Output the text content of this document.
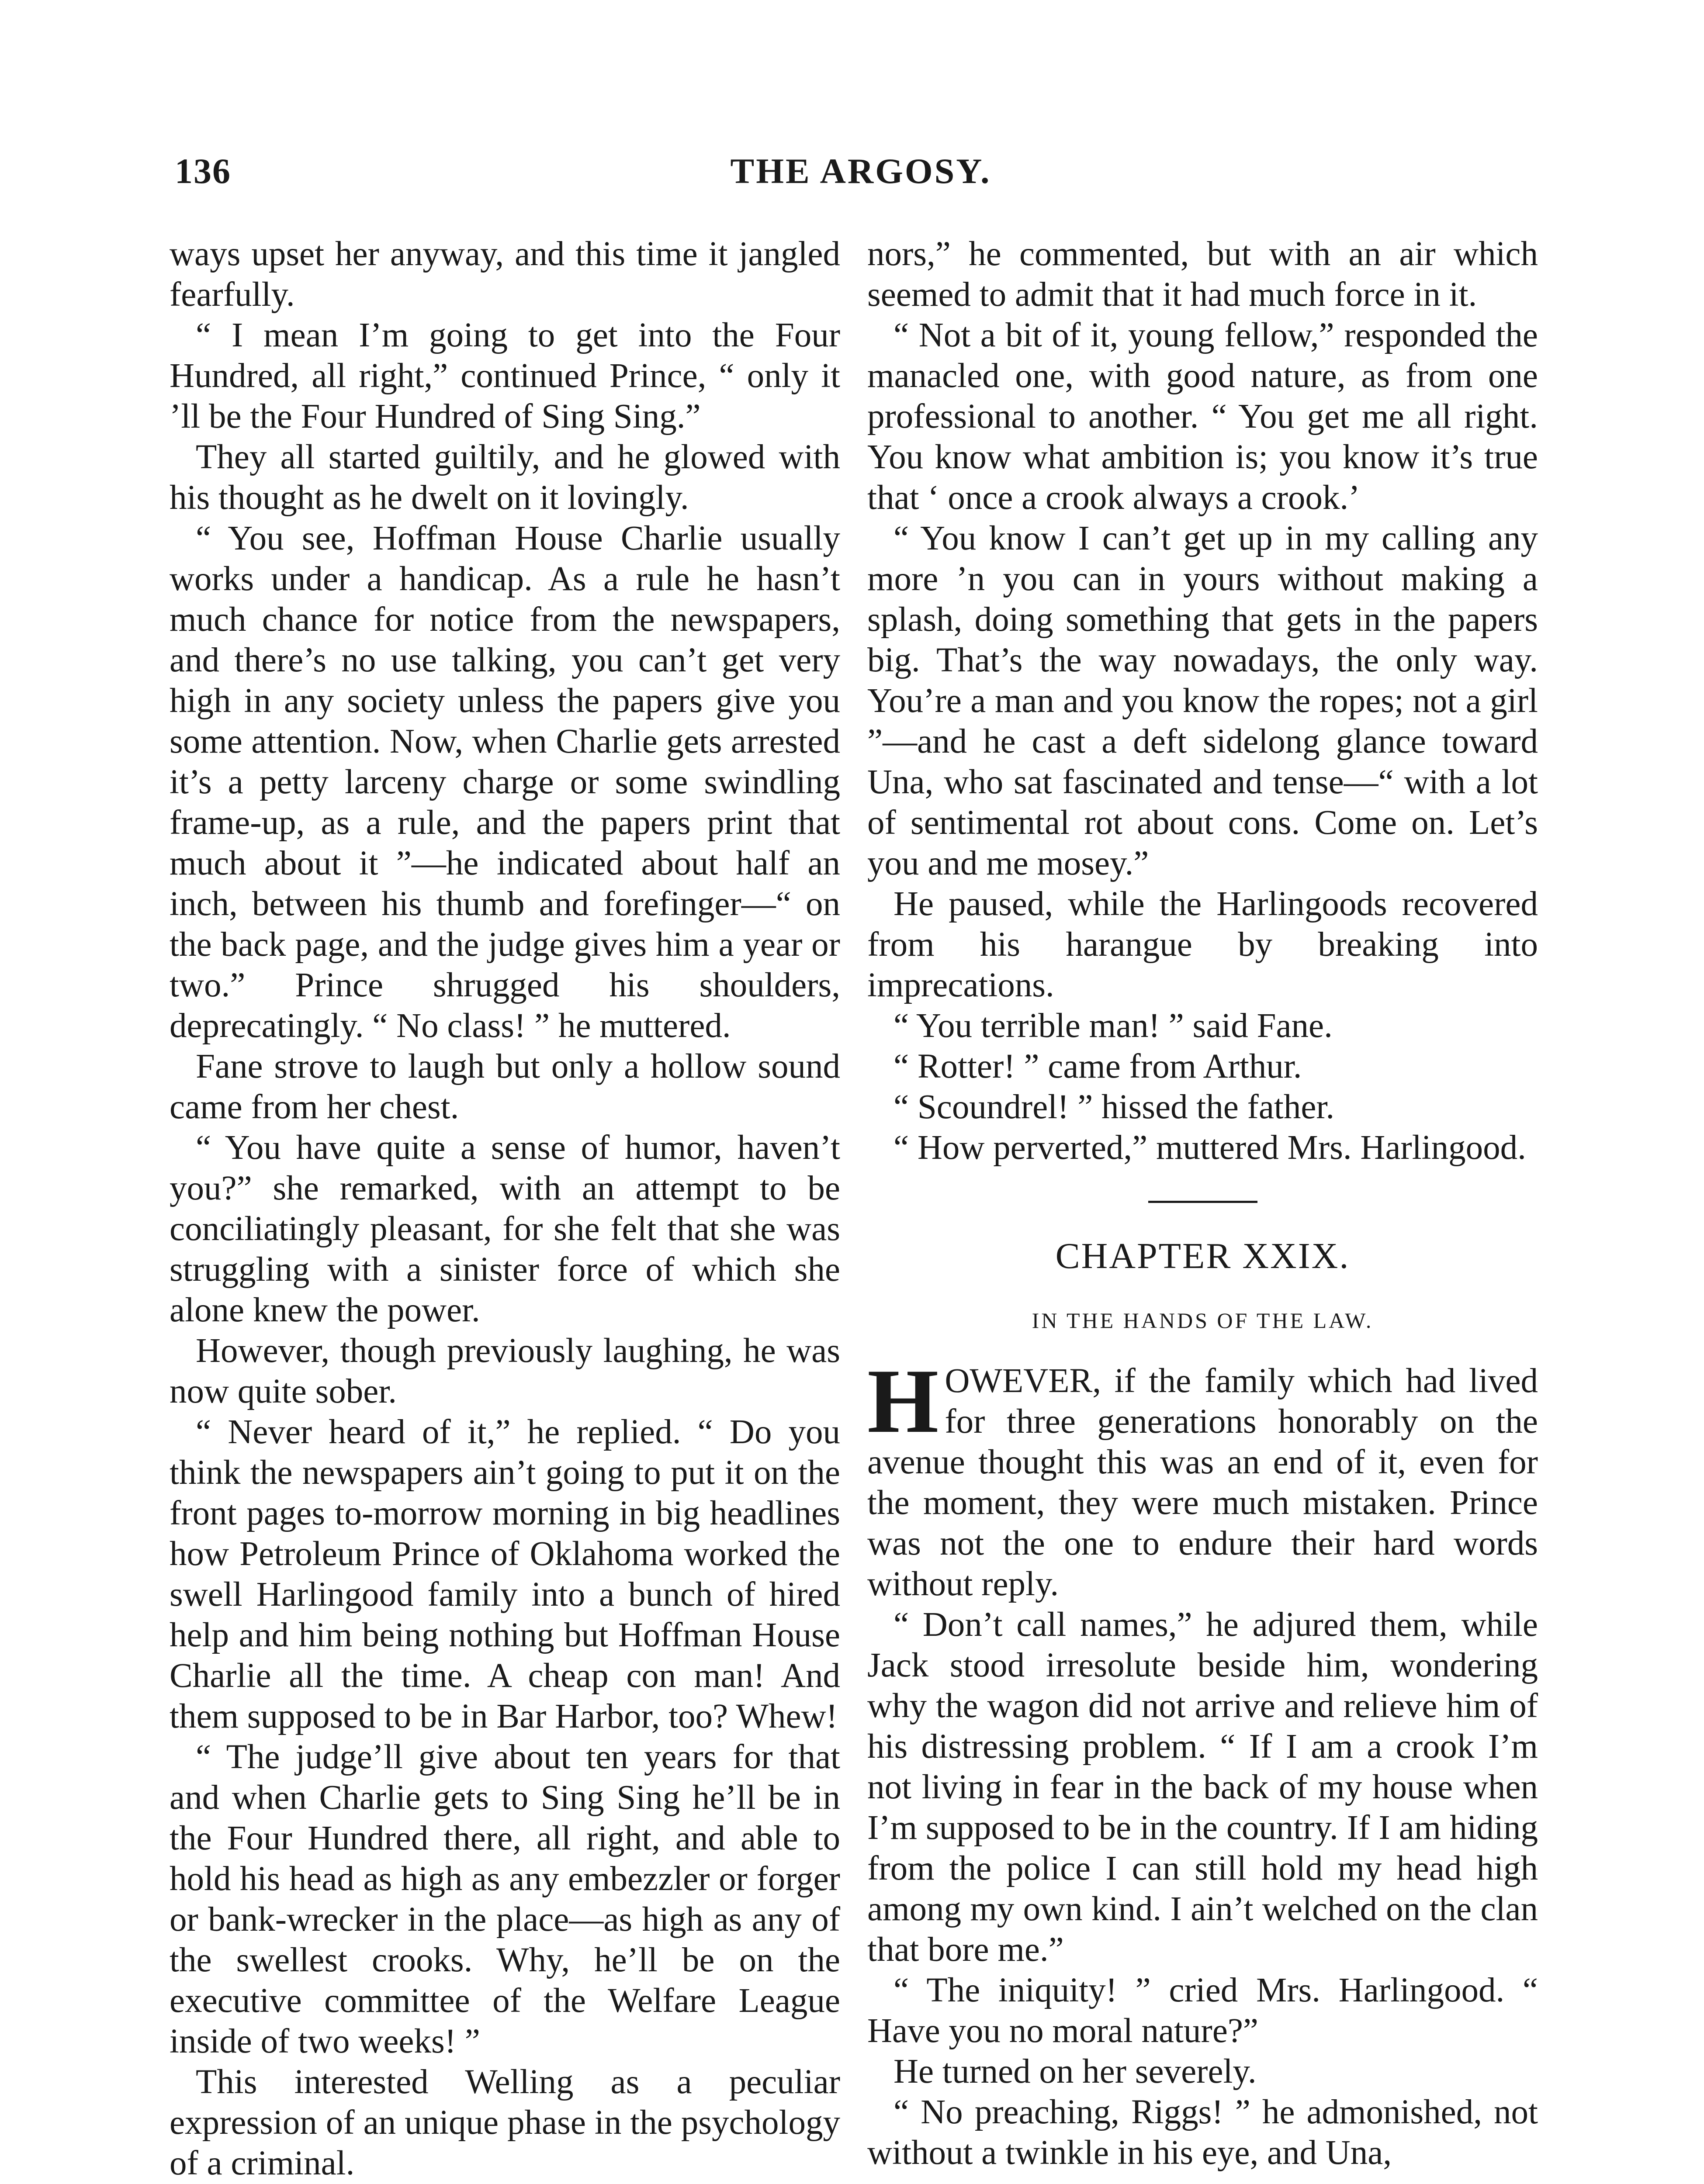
136	THE ARGOSY.

ways upset her anyway, and this time it jangled fearfully.

“ I mean I’m going to get into the Four Hundred, all right,” continued Prince, “ only it ’ll be the Four Hundred of Sing Sing.”

They all started guiltily, and he glowed with his thought as he dwelt on it lovingly.

“ You see, Hoffman House Charlie usually works under a handicap. As a rule he hasn’t much chance for notice from the newspapers, and there’s no use talking, you can’t get very high in any society unless the papers give you some attention. Now, when Charlie gets arrested it’s a petty larceny charge or some swindling frame-up, as a rule, and the papers print that much about it ”—he indicated about half an inch, between his thumb and forefinger—“ on the back page, and the judge gives him a year or two.” Prince shrugged his shoulders, deprecatingly. “ No class! ” he muttered.

Fane strove to laugh but only a hollow sound came from her chest.

“ You have quite a sense of humor, haven’t you?” she remarked, with an attempt to be conciliatingly pleasant, for she felt that she was struggling with a sinister force of which she alone knew the power.

However, though previously laughing, he was now quite sober.

“ Never heard of it,” he replied. “ Do you think the newspapers ain’t going to put it on the front pages to-morrow morning in big headlines how Petroleum Prince of Oklahoma worked the swell Harlingood family into a bunch of hired help and him being nothing but Hoffman House Charlie all the time. A cheap con man! And them supposed to be in Bar Harbor, too? Whew!

“ The judge’ll give about ten years for that and when Charlie gets to Sing Sing he’ll be in the Four Hundred there, all right, and able to hold his head as high as any embezzler or forger or bank-wrecker in the place—as high as any of the swellest crooks. Why, he’ll be on the executive committee of the Welfare League inside of two weeks! ”

This interested Welling as a peculiar expression of an unique phase in the psychology of a criminal.

nors,” he commented, but with an air which seemed to admit that it had much force in it.

“ Not a bit of it, young fellow,” responded the manacled one, with good nature, as from one professional to another. “ You get me all right. You know what ambition is; you know it’s true that ‘ once a crook always a crook.’

“ You know I can’t get up in my calling any more ’n you can in yours without making a splash, doing something that gets in the papers big. That’s the way nowadays, the only way. You’re a man and you know the ropes; not a girl ”—and he cast a deft sidelong glance toward Una, who sat fascinated and tense—“ with a lot of sentimental rot about cons. Come on. Let’s you and me mosey.”

He paused, while the Harlingoods recovered from his harangue by breaking into imprecations.

“ You terrible man! ” said Fane.

“ Rotter! ” came from Arthur.

“ Scoundrel! ” hissed the father.

“ How perverted,” muttered Mrs. Harlingood.

CHAPTER XXIX.
IN THE HANDS OF THE LAW.

HOWEVER, if the family which had lived for three generations honorably on the avenue thought this was an end of it, even for the moment, they were much mistaken. Prince was not the one to endure their hard words without reply.

“ Don’t call names,” he adjured them, while Jack stood irresolute beside him, wondering why the wagon did not arrive and relieve him of his distressing problem. “ If I am a crook I’m not living in fear in the back of my house when I’m supposed to be in the country. If I am hiding from the police I can still hold my head high among my own kind. I ain’t welched on the clan that bore me.”

“ The iniquity! ” cried Mrs. Harlingood. “ Have you no moral nature?”

He turned on her severely.

“ No preaching, Riggs! ” he admonished, not without a twinkle in his eye, and Una,
